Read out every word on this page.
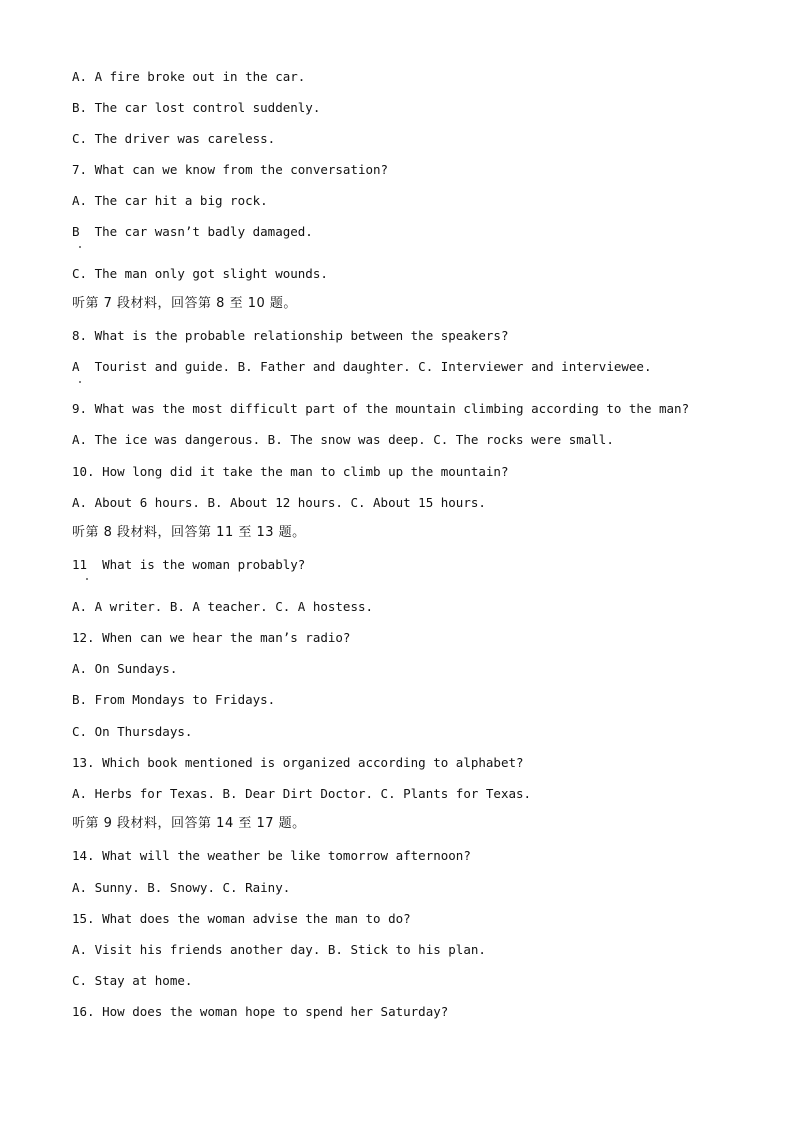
A. A fire broke out in the car.
B. The car lost control suddenly.
C. The driver was careless.
7. What can we know from the conversation?
A. The car hit a big rock.
B  The car wasn’t badly damaged.
C. The man only got slight wounds.
听第 7 段材料，回答第 8 至 10 题。
8. What is the probable relationship between the speakers?
A  Tourist and guide. B. Father and daughter. C. Interviewer and interviewee.
9. What was the most difficult part of the mountain climbing according to the man?
A. The ice was dangerous. B. The snow was deep. C. The rocks were small.
10. How long did it take the man to climb up the mountain?
A. About 6 hours. B. About 12 hours. C. About 15 hours.
听第 8 段材料，回答第 11 至 13 题。
11  What is the woman probably?
A. A writer. B. A teacher. C. A hostess.
12. When can we hear the man’s radio?
A. On Sundays.
B. From Mondays to Fridays.
C. On Thursdays.
13. Which book mentioned is organized according to alphabet?
A. Herbs for Texas. B. Dear Dirt Doctor. C. Plants for Texas.
听第 9 段材料，回答第 14 至 17 题。
14. What will the weather be like tomorrow afternoon?
A. Sunny. B. Snowy. C. Rainy.
15. What does the woman advise the man to do?
A. Visit his friends another day. B. Stick to his plan.
C. Stay at home.
16. How does the woman hope to spend her Saturday?
